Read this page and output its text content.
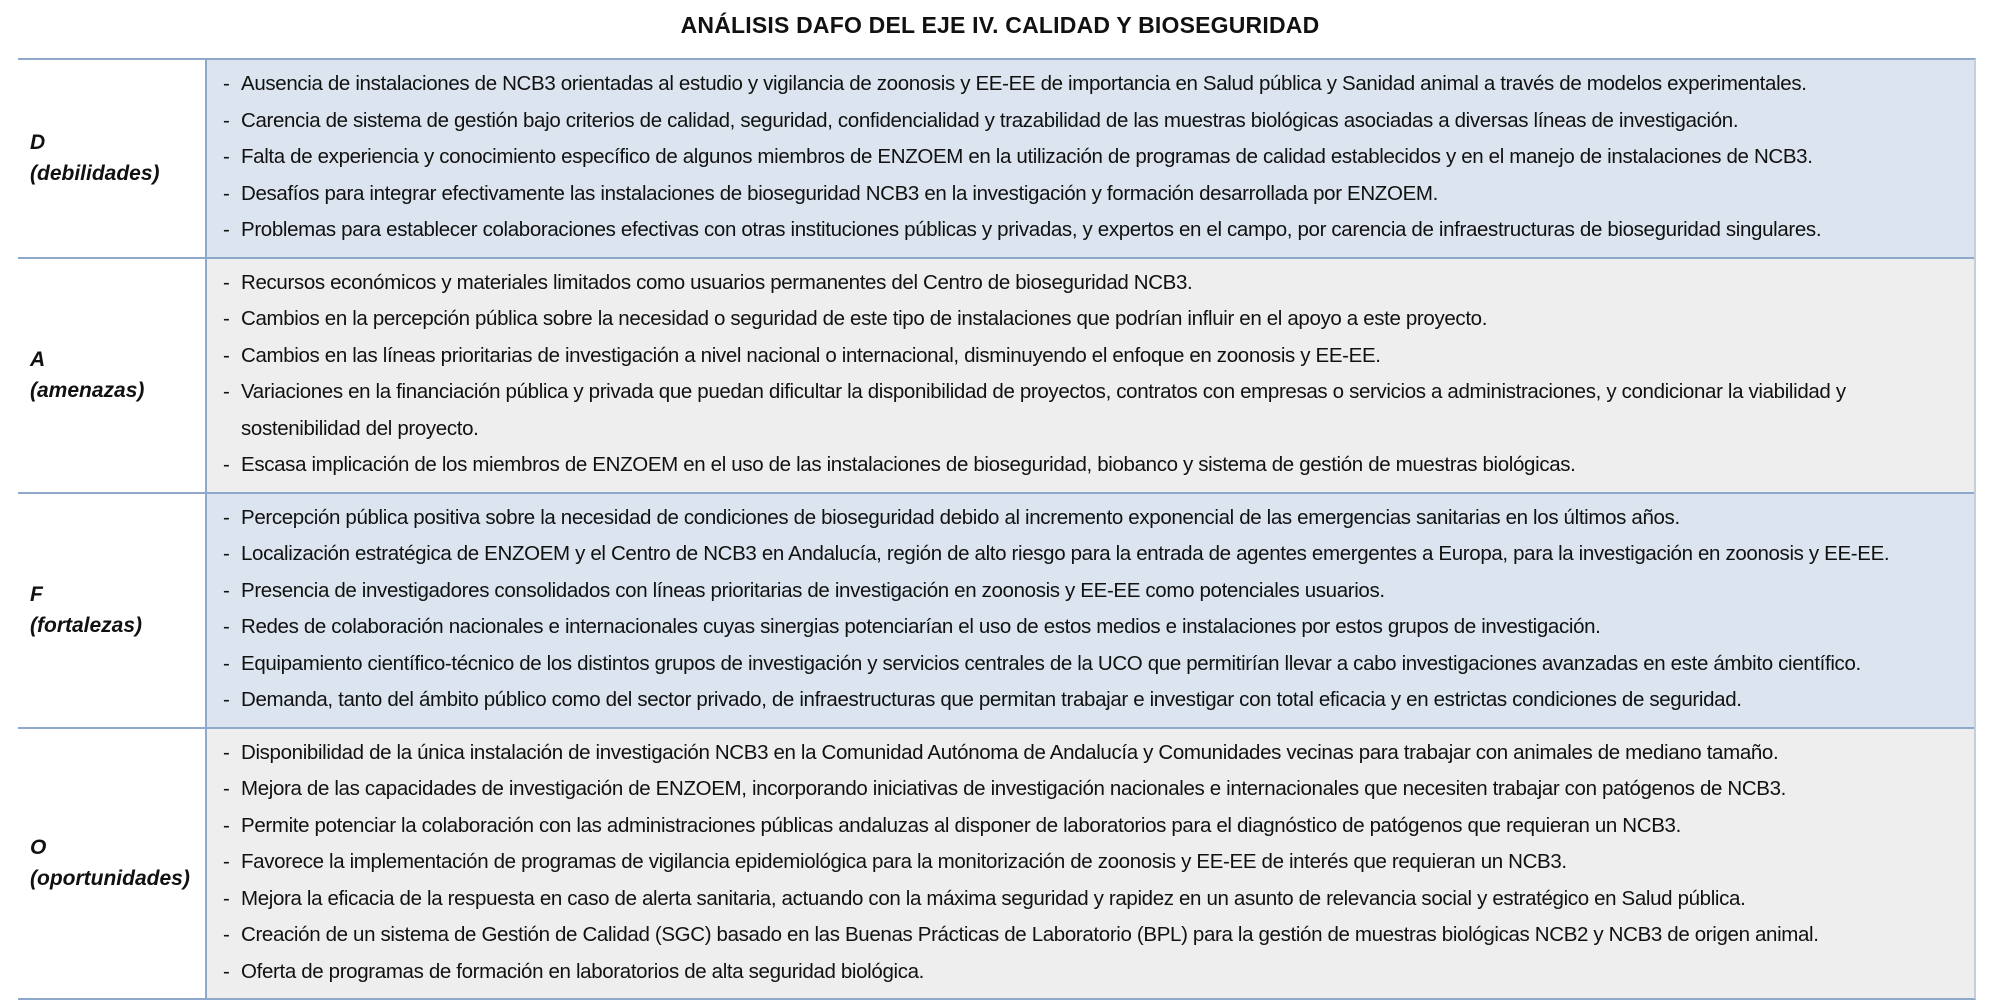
ANÁLISIS DAFO DEL EJE IV. CALIDAD Y BIOSEGURIDAD
D
(debilidades)
- Ausencia de instalaciones de NCB3 orientadas al estudio y vigilancia de zoonosis y EE-EE de importancia en Salud pública y Sanidad animal a través de modelos experimentales.
- Carencia de sistema de gestión bajo criterios de calidad, seguridad, confidencialidad y trazabilidad de las muestras biológicas asociadas a diversas líneas de investigación.
- Falta de experiencia y conocimiento específico de algunos miembros de ENZOEM en la utilización de programas de calidad establecidos y en el manejo de instalaciones de NCB3.
- Desafíos para integrar efectivamente las instalaciones de bioseguridad NCB3 en la investigación y formación desarrollada por ENZOEM.
- Problemas para establecer colaboraciones efectivas con otras instituciones públicas y privadas, y expertos en el campo, por carencia de infraestructuras de bioseguridad singulares.
A
(amenazas)
- Recursos económicos y materiales limitados como usuarios permanentes del Centro de bioseguridad NCB3.
- Cambios en la percepción pública sobre la necesidad o seguridad de este tipo de instalaciones que podrían influir en el apoyo a este proyecto.
- Cambios en las líneas prioritarias de investigación a nivel nacional o internacional, disminuyendo el enfoque en zoonosis y EE-EE.
- Variaciones en la financiación pública y privada que puedan dificultar la disponibilidad de proyectos, contratos con empresas o servicios a administraciones, y condicionar la viabilidad y sostenibilidad del proyecto.
- Escasa implicación de los miembros de ENZOEM en el uso de las instalaciones de bioseguridad, biobanco y sistema de gestión de muestras biológicas.
F
(fortalezas)
- Percepción pública positiva sobre la necesidad de condiciones de bioseguridad debido al incremento exponencial de las emergencias sanitarias en los últimos años.
- Localización estratégica de ENZOEM y el Centro de NCB3 en Andalucía, región de alto riesgo para la entrada de agentes emergentes a Europa, para la investigación en zoonosis y EE-EE.
- Presencia de investigadores consolidados con líneas prioritarias de investigación en zoonosis y EE-EE como potenciales usuarios.
- Redes de colaboración nacionales e internacionales cuyas sinergias potenciarían el uso de estos medios e instalaciones por estos grupos de investigación.
- Equipamiento científico-técnico de los distintos grupos de investigación y servicios centrales de la UCO que permitirían llevar a cabo investigaciones avanzadas en este ámbito científico.
- Demanda, tanto del ámbito público como del sector privado, de infraestructuras que permitan trabajar e investigar con total eficacia y en estrictas condiciones de seguridad.
O
(oportunidades)
- Disponibilidad de la única instalación de investigación NCB3 en la Comunidad Autónoma de Andalucía y Comunidades vecinas para trabajar con animales de mediano tamaño.
- Mejora de las capacidades de investigación de ENZOEM, incorporando iniciativas de investigación nacionales e internacionales que necesiten trabajar con patógenos de NCB3.
- Permite potenciar la colaboración con las administraciones públicas andaluzas al disponer de laboratorios para el diagnóstico de patógenos que requieran un NCB3.
- Favorece la implementación de programas de vigilancia epidemiológica para la monitorización de zoonosis y EE-EE de interés que requieran un NCB3.
- Mejora la eficacia de la respuesta en caso de alerta sanitaria, actuando con la máxima seguridad y rapidez en un asunto de relevancia social y estratégico en Salud pública.
- Creación de un sistema de Gestión de Calidad (SGC) basado en las Buenas Prácticas de Laboratorio (BPL) para la gestión de muestras biológicas NCB2 y NCB3 de origen animal.
- Oferta de programas de formación en laboratorios de alta seguridad biológica.
